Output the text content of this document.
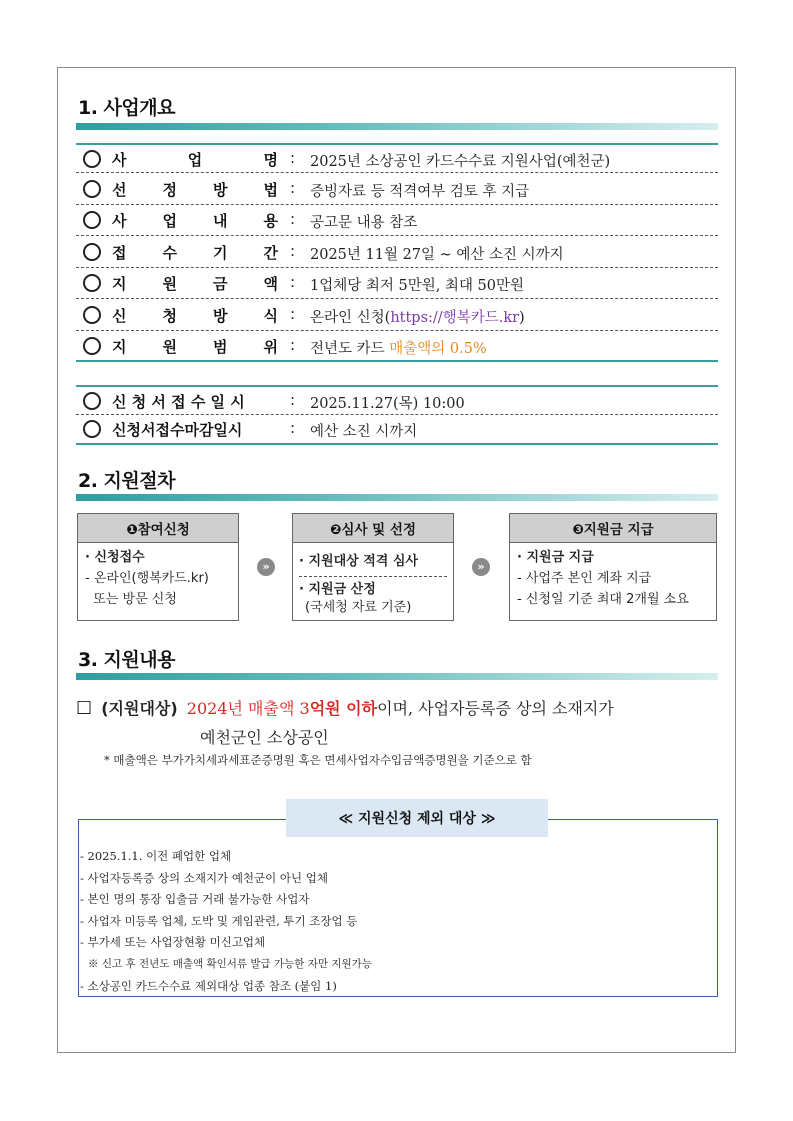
1. 사업개요
사	업	명 : 2025년 소상공인 카드수수료 지원사업(예천군)
선 정 방 법 : 증빙자료 등 적격여부 검토 후 지급
사 업 내 용 : 공고문 내용 참조
접 수 기 간 : 2025년 11월 27일 ~ 예산 소진 시까지
지 원 금 액 : 1업체당 최저 5만원, 최대 50만원
신 청 방 식 : 온라인 신청(https://행복카드.kr)
지 원 범 위 : 전년도 카드 매출액의 0.5%
신 청 서 접 수 일 시	: 2025.11.27(목) 10:00
신청서접수마감일시	: 예산 소진 시까지
2. 지원절차
❶참여신청
· 신청접수
- 온라인(행복카드.kr)
또는 방문 신청
»
❷심사 및 선정
· 지원대상 적격 심사
· 지원금 산정
(국세청 자료 기준)
»
❸지원금 지급
· 지원금 지급
- 사업주 본인 계좌 지급
- 신청일 기준 최대 2개월 소요
3. 지원내용
☐ (지원대상) 2024년 매출액 3억원 이하이며, 사업자등록증 상의 소재지가
예천군인 소상공인
* 매출액은 부가가치세과세표준증명원 혹은 면세사업자수입금액증명원을 기준으로 함
≪ 지원신청 제외 대상 ≫
- 2025.1.1. 이전 폐업한 업체
- 사업자등록증 상의 소재지가 예천군이 아닌 업체
- 본인 명의 통장 입출금 거래 불가능한 사업자
- 사업자 미등록 업체, 도박 및 게임관련, 투기 조장업 등
- 부가세 또는 사업장현황 미신고업체
※ 신고 후 전년도 매출액 확인서류 발급 가능한 자만 지원가능
- 소상공인 카드수수료 제외대상 업종 참조 (붙임 1)
